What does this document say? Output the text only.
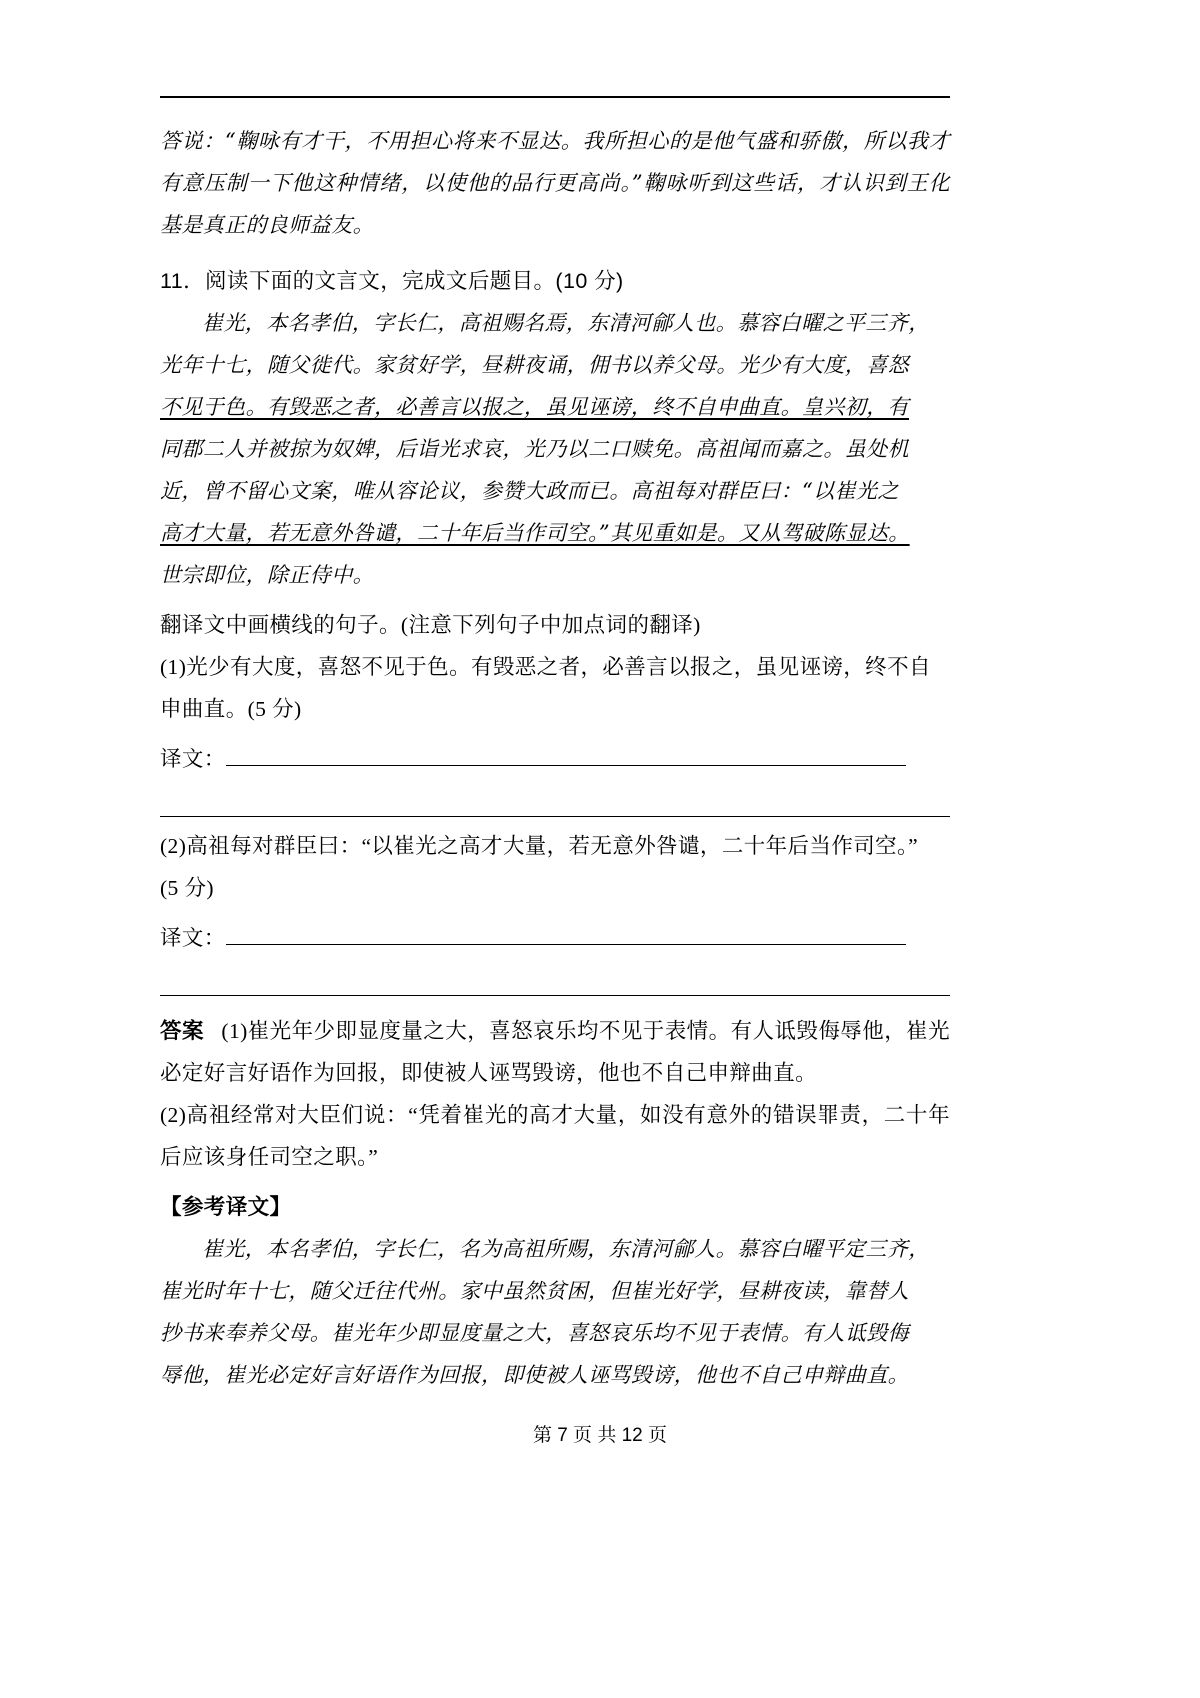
答说：“鞠咏有才干，不用担心将来不显达。我所担心的是他气盛和骄傲，所以我才有意压制一下他这种情绪，以使他的品行更高尚。”鞠咏听到这些话，才认识到王化基是真正的良师益友。

11．阅读下面的文言文，完成文后题目。(10 分)

崔光，本名孝伯，字长仁，高祖赐名焉，东清河鄃人也。慕容白曜之平三齐，

光年十七，随父徙代。家贫好学，昼耕夜诵，佣书以养父母。光少有大度，喜怒

不见于色。有毁恶之者，必善言以报之，虽见诬谤，终不自申曲直。皇兴初，有

同郡二人并被掠为奴婢，后诣光求哀，光乃以二口赎免。高祖闻而嘉之。虽处机

近，曾不留心文案，唯从容论议，参赞大政而已。高祖每对群臣曰：“以崔光之

高才大量，若无意外咎谴，二十年后当作司空。”其见重如是。又从驾破陈显达。

世宗即位，除正侍中。

翻译文中画横线的句子。(注意下列句子中加点词的翻译)

(1)光少有大度，喜怒不见于色。有毁恶之者，必善言以报之，虽见诬谤，终不自

申曲直。(5 分)

译文：

(2)高祖每对群臣曰：“以崔光之高才大量，若无意外咎谴，二十年后当作司空。”

(5 分)

译文：

答案 (1)崔光年少即显度量之大，喜怒哀乐均不见于表情。有人诋毁侮辱他，崔光必定好言好语作为回报，即使被人诬骂毁谤，他也不自己申辩曲直。

(2)高祖经常对大臣们说：“凭着崔光的高才大量，如没有意外的错误罪责，二十年后应该身任司空之职。”

【参考译文】

崔光，本名孝伯，字长仁，名为高祖所赐，东清河鄃人。慕容白曜平定三齐，

崔光时年十七，随父迁往代州。家中虽然贫困，但崔光好学，昼耕夜读，靠替人

抄书来奉养父母。崔光年少即显度量之大，喜怒哀乐均不见于表情。有人诋毁侮

辱他，崔光必定好言好语作为回报，即使被人诬骂毁谤，他也不自己申辩曲直。

第 7 页 共 12 页
